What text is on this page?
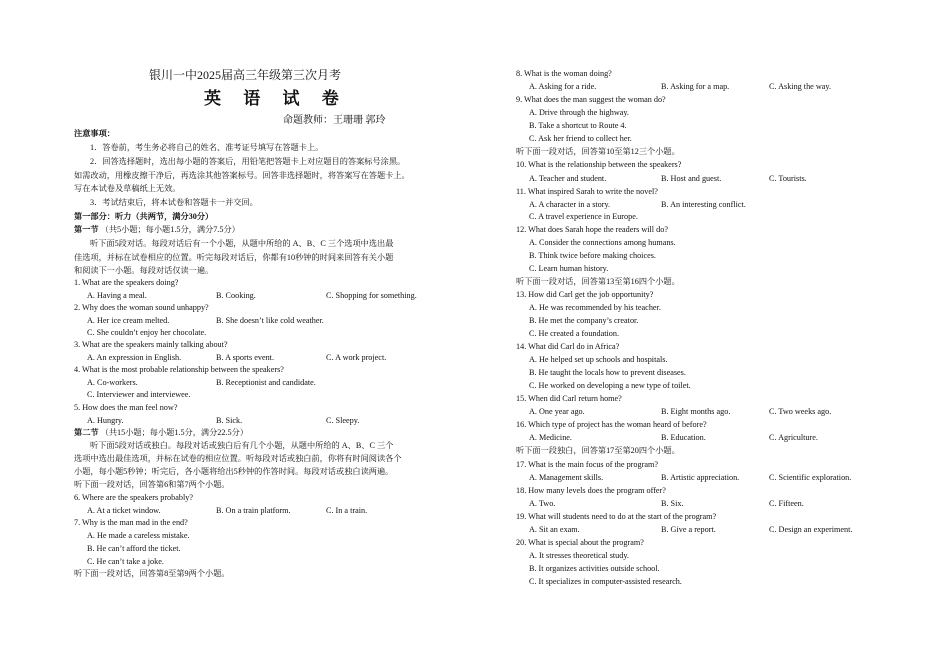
银川一中2025届高三年级第三次月考
英 语 试 卷
命题教师：王珊珊 郭玲
注意事项：
1．答卷前，考生务必将自己的姓名、准考证号填写在答题卡上。
2．回答选择题时，选出每小题的答案后，用铅笔把答题卡上对应题目的答案标号涂黑。
如需改动，用橡皮擦干净后，再选涂其他答案标号。回答非选择题时，将答案写在答题卡上。
写在本试卷及草稿纸上无效。
3．考试结束后，将本试卷和答题卡一并交回。
第一部分：听力（共两节，满分30分）
第一节 （共5小题；每小题1.5分，满分7.5分）
听下面5段对话。每段对话后有一个小题，从题中所给的 A、B、C 三个选项中选出最
佳选项，并标在试卷相应的位置。听完每段对话后，你都有10秒钟的时间来回答有关小题
和阅读下一小题。每段对话仅读一遍。
1. What are the speakers doing?
A. Having a meal.	B. Cooking.	C. Shopping for something.
2. Why does the woman sound unhappy?
A. Her ice cream melted.	B. She doesn’t like cold weather.
C. She couldn’t enjoy her chocolate.
3. What are the speakers mainly talking about?
A. An expression in English.	B. A sports event.	C. A work project.
4. What is the most probable relationship between the speakers?
A. Co-workers.	B. Receptionist and candidate.
C. Interviewer and interviewee.
5. How does the man feel now?
A. Hungry.	B. Sick.	C. Sleepy.
第二节 （共15小题；每小题1.5分，满分22.5分）
听下面5段对话或独白。每段对话或独白后有几个小题，从题中所给的 A、B、C 三个
选项中选出最佳选项，并标在试卷的相应位置。听每段对话或独白前，你将有时间阅读各个
小题，每小题5秒钟；听完后，各小题将给出5秒钟的作答时间。每段对话或独白读两遍。
听下面一段对话，回答第6和第7两个小题。
6. Where are the speakers probably?
A. At a ticket window.	B. On a train platform.	C. In a train.
7. Why is the man mad in the end?
A. He made a careless mistake.
B. He can’t afford the ticket.
C. He can’t take a joke.
听下面一段对话，回答第8至第9两个小题。
8. What is the woman doing?
A. Asking for a ride.	B. Asking for a map.	C. Asking the way.
9. What does the man suggest the woman do?
A. Drive through the highway.
B. Take a shortcut to Route 4.
C. Ask her friend to collect her.
听下面一段对话，回答第10至第12三个小题。
10. What is the relationship between the speakers?
A. Teacher and student.	B. Host and guest.	C. Tourists.
11. What inspired Sarah to write the novel?
A. A character in a story.	B. An interesting conflict.
C. A travel experience in Europe.
12. What does Sarah hope the readers will do?
A. Consider the connections among humans.
B. Think twice before making choices.
C. Learn human history.
听下面一段对话，回答第13至第16四个小题。
13. How did Carl get the job opportunity?
A. He was recommended by his teacher.
B. He met the company’s creator.
C. He created a foundation.
14. What did Carl do in Africa?
A. He helped set up schools and hospitals.
B. He taught the locals how to prevent diseases.
C. He worked on developing a new type of toilet.
15. When did Carl return home?
A. One year ago.	B. Eight months ago.	C. Two weeks ago.
16. Which type of project has the woman heard of before?
A. Medicine.	B. Education.	C. Agriculture.
听下面一段独白，回答第17至第20四个小题。
17. What is the main focus of the program?
A. Management skills.	B. Artistic appreciation.	C. Scientific exploration.
18. How many levels does the program offer?
A. Two.	B. Six.	C. Fifteen.
19. What will students need to do at the start of the program?
A. Sit an exam.	B. Give a report.	C. Design an experiment.
20. What is special about the program?
A. It stresses theoretical study.
B. It organizes activities outside school.
C. It specializes in computer-assisted research.
